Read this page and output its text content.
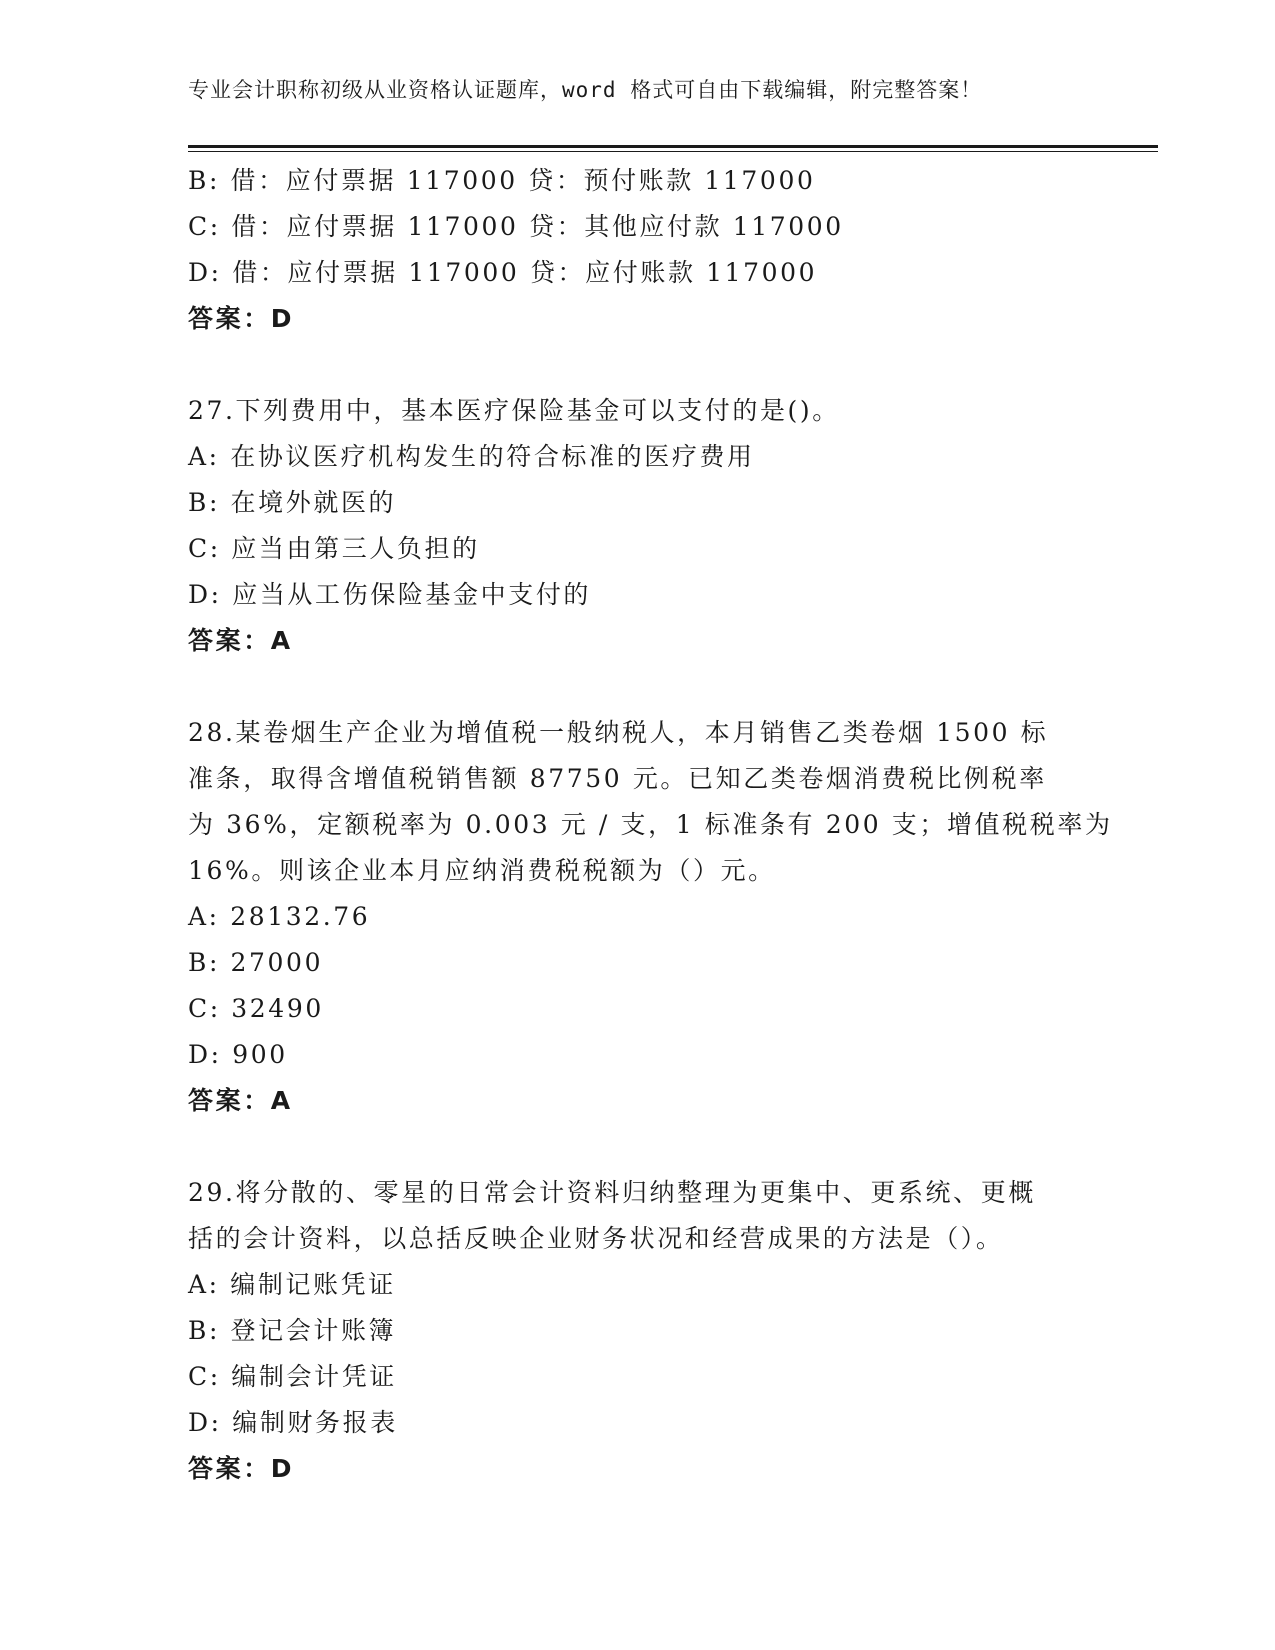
专业会计职称初级从业资格认证题库，word 格式可自由下载编辑，附完整答案！
B: 借：应付票据 117000 贷：预付账款 117000
C: 借：应付票据 117000 贷：其他应付款 117000
D: 借：应付票据 117000 贷：应付账款 117000
答案：D
27.下列费用中，基本医疗保险基金可以支付的是()。
A: 在协议医疗机构发生的符合标准的医疗费用
B: 在境外就医的
C: 应当由第三人负担的
D: 应当从工伤保险基金中支付的
答案：A
28.某卷烟生产企业为增值税一般纳税人，本月销售乙类卷烟 1500 标
准条，取得含增值税销售额 87750 元。已知乙类卷烟消费税比例税率
为 36%，定额税率为 0.003 元 / 支，1 标准条有 200 支；增值税税率为
16%。则该企业本月应纳消费税税额为（）元。
A: 28132.76
B: 27000
C: 32490
D: 900
答案：A
29.将分散的、零星的日常会计资料归纳整理为更集中、更系统、更概
括的会计资料，以总括反映企业财务状况和经营成果的方法是（）。
A: 编制记账凭证
B: 登记会计账簿
C: 编制会计凭证
D: 编制财务报表
答案：D
